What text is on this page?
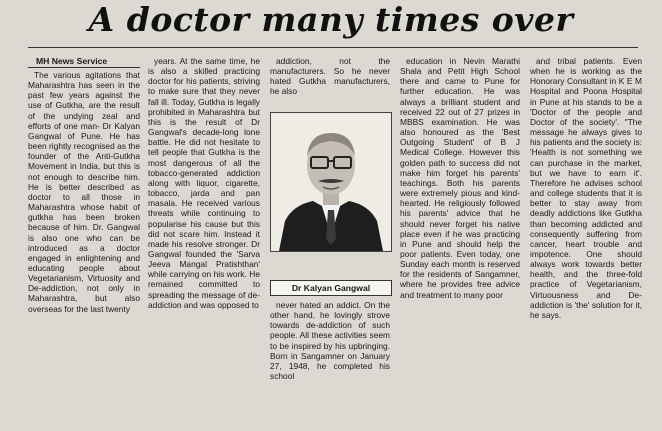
A doctor many times over
MH News Service

The various agitations that Maharashtra has seen in the past few years against the use of Gutkha, are the result of the undying zeal and efforts of one man- Dr Kalyan Gangwal of Pune. He has been rightly recognised as the founder of the Anti-Gutkha Movement in India, but this is not enough to describe him. He is better described as doctor to all those in Maharashtra whose habit of gutkha has been broken because of him. Dr. Gangwal is also one who can be introduced as a doctor engaged in enlightening and educating people about Vegetarianism, Virtuosity and De-addiction, not only in Maharashtra, but also overseas for the last twenty

years. At the same time, he is also a skilled practicing doctor for his patients, striving to make sure that they never fall ill. Today, Gutkha is legally prohibited in Maharashtra but this is the result of Dr Gangwal's decade-long lone battle. He did not hesitate to tell people that Gutkha is the most dangerous of all the tobacco-generated addiction along with liquor, cigarette, tobacco, jarda and pan masala. He received various threats while continuing to popularise his cause but this did not scare him. Instead it made his resolve stronger. Dr Gangwal founded the 'Sarva Jeeva Mangal Pratishthan' while carrying on his work. He remained committed to spreading the message of de-addiction and was opposed to

addiction, not the manufacturers. So he never hated Gutkha manufacturers, he also

Dr Kalyan Gangwal

never hated an addict. On the other hand, he lovingly strove towards de-addiction of such people. All these activities seem to be inspired by his upbringing. Born in Sangamner on January 27, 1948, he completed his school

education in Nevin Marathi Shala and Petit High School there and came to Pune for further education. He was always a brilliant student and received 22 out of 27 prizes in MBBS examination. He was also honoured as the 'Best Outgoing Student' of B J Medical College. However this golden path to success did not make him forget his parents' teachings. Both his parents were extremely pious and kind-hearted. He religiously followed his parents' advice that he should never forget his native place even if he was practicing in Pune and should help the poor patients. Even today, one Sunday each month is reserved for the residents of Sangamner, where he provides free advice and treatment to many poor

and tribal patients. Even when he is working as the Honorary Consultant in K E M Hospital and Poona Hospital in Pune at his stands to be a 'Doctor of the people and Doctor of the society'. "The message he always gives to his patients and the society is: 'Health is not something we can purchase in the market, but we have to earn it'. Therefore he advises school and college students that it is better to stay away from deadly addictions like Gutkha than becoming addicted and consequently suffering from cancer, heart trouble and impotence. One should always work towards better health, and the three-fold practice of Vegetarianism, Virtuousness and De-addiction is 'the' solution for it, he says.
